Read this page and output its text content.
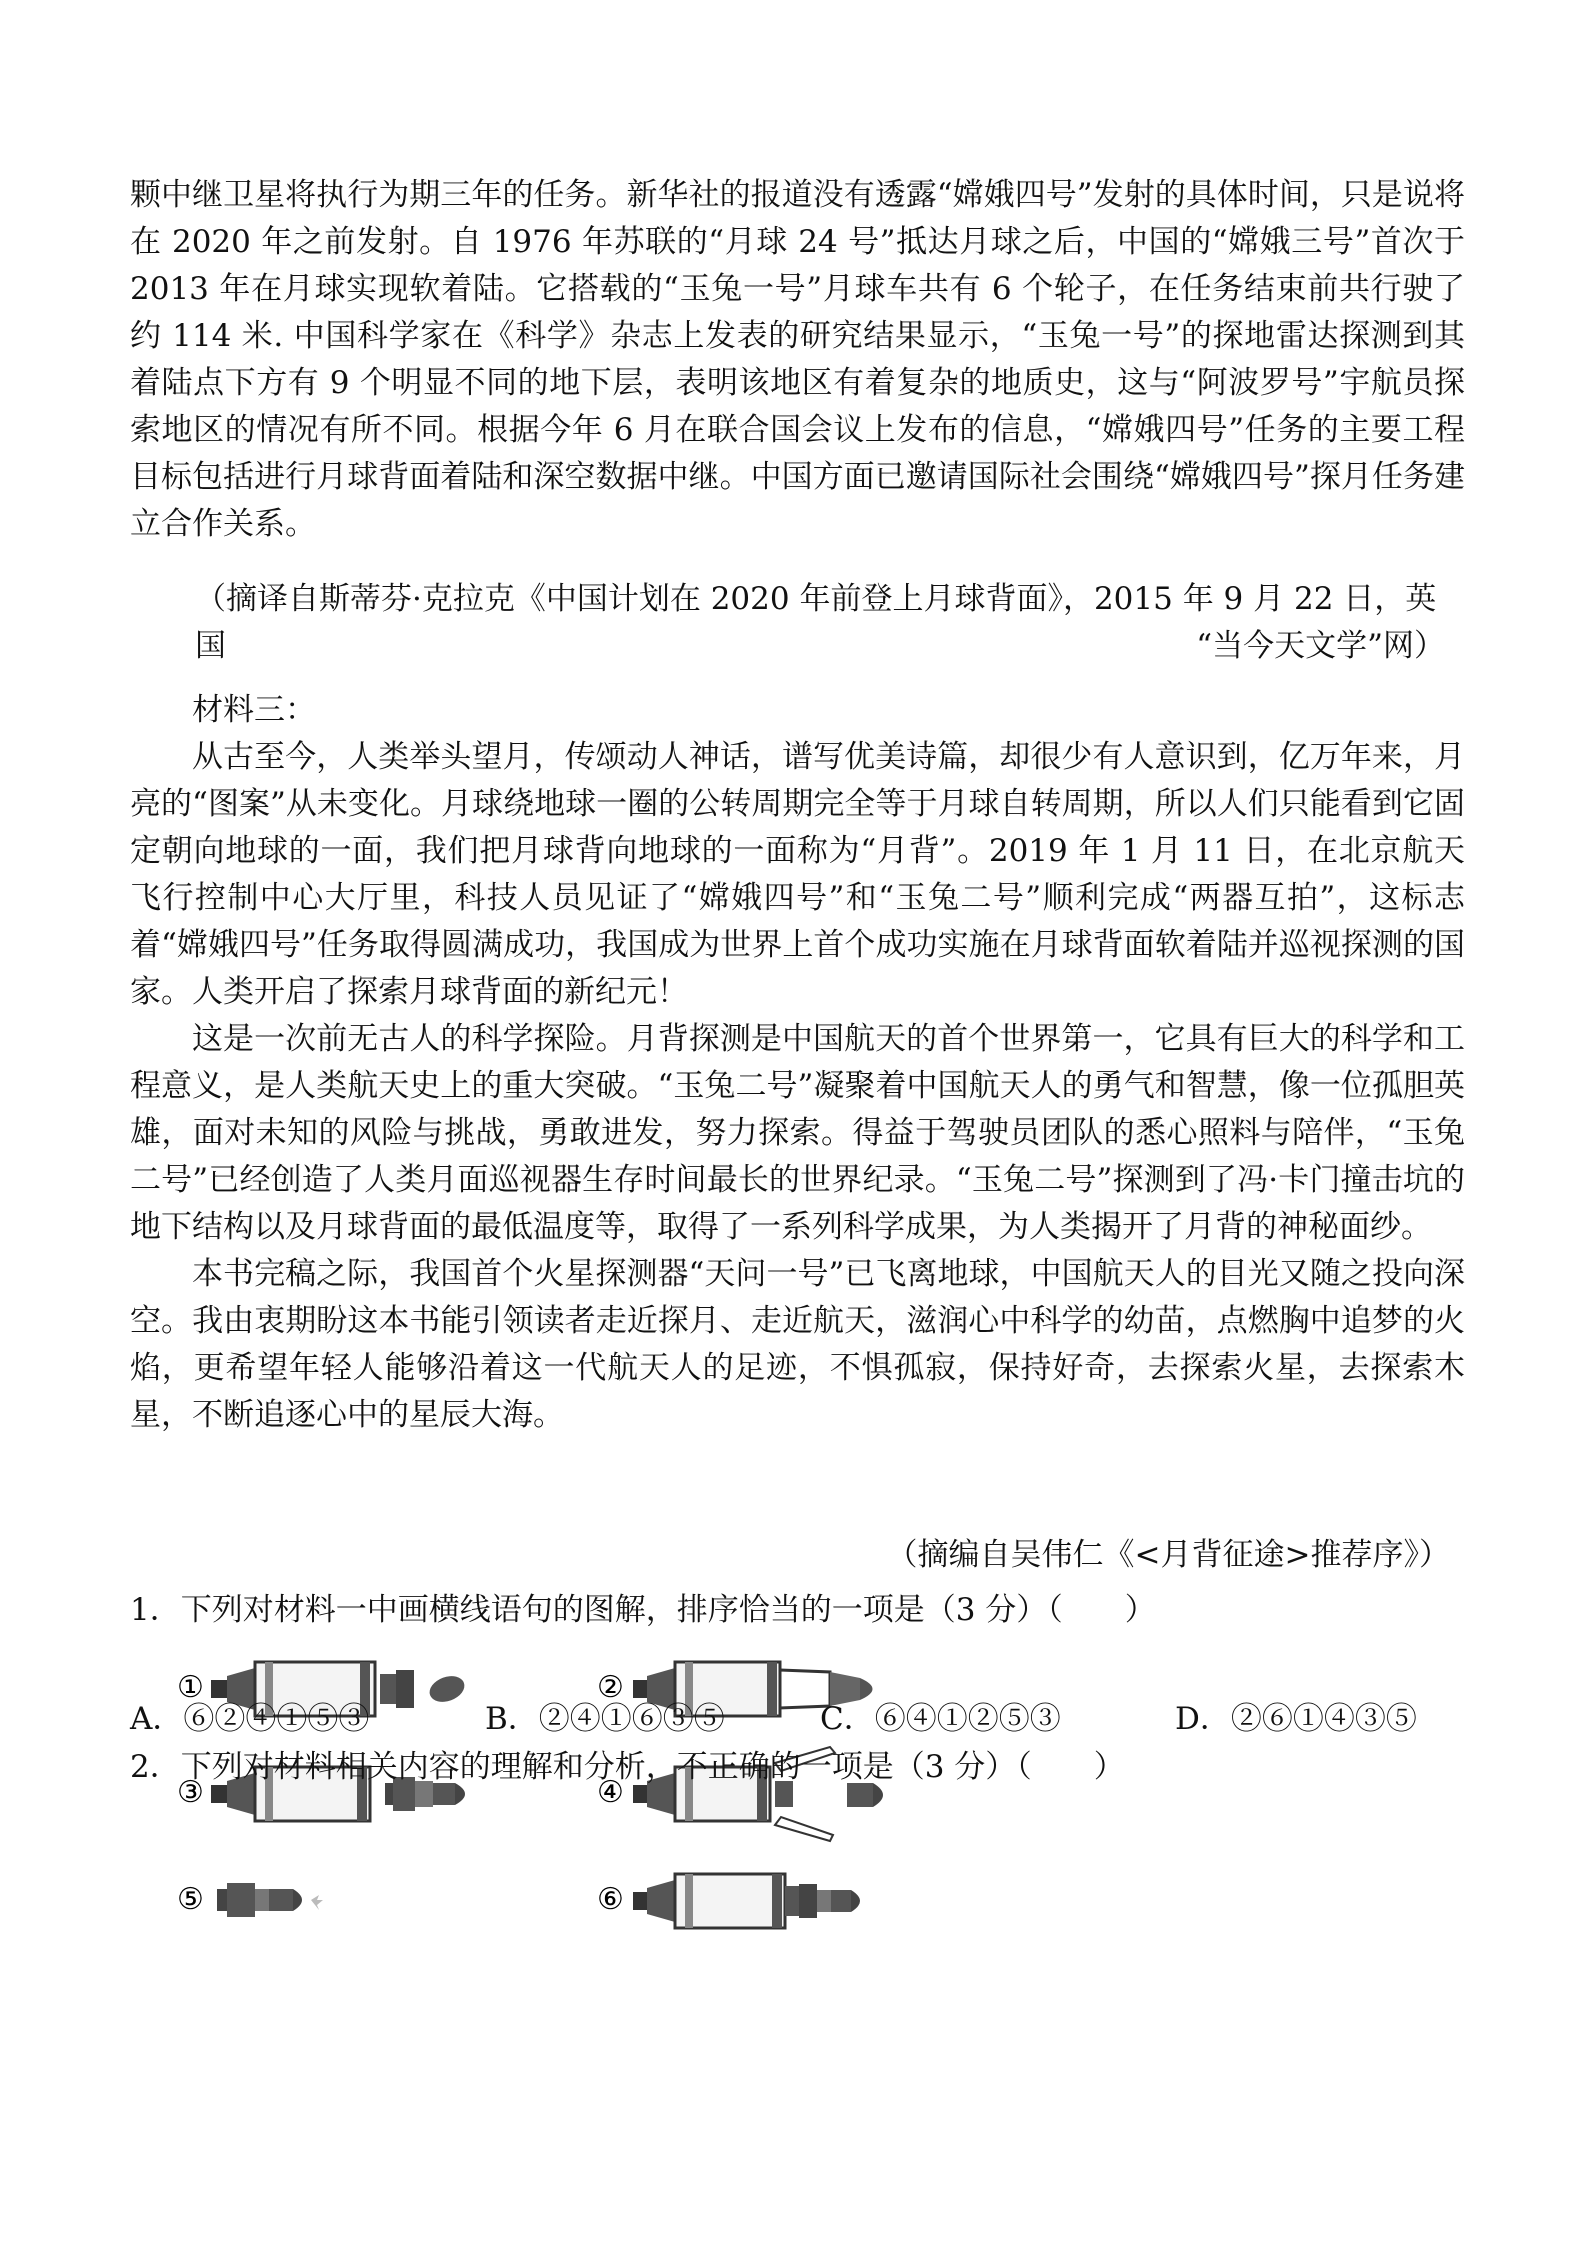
颗中继卫星将执行为期三年的任务。新华社的报道没有透露“嫦娥四号”发射的具体时间，只是说将在 2020 年之前发射。自 1976 年苏联的“月球 24 号”抵达月球之后，中国的“嫦娥三号”首次于 2013 年在月球实现软着陆。它搭载的“玉兔一号”月球车共有 6 个轮子，在任务结束前共行驶了约 114 米. 中国科学家在《科学》杂志上发表的研究结果显示，“玉兔一号”的探地雷达探测到其着陆点下方有 9 个明显不同的地下层，表明该地区有着复杂的地质史，这与“阿波罗号”宇航员探索地区的情况有所不同。根据今年 6 月在联合国会议上发布的信息，“嫦娥四号”任务的主要工程目标包括进行月球背面着陆和深空数据中继。中国方面已邀请国际社会围绕“嫦娥四号”探月任务建立合作关系。

（摘译自斯蒂芬·克拉克《中国计划在 2020 年前登上月球背面》，2015 年 9 月 22 日，英国	“当今天文学”网）

材料三：

从古至今，人类举头望月，传颂动人神话，谱写优美诗篇，却很少有人意识到，亿万年来，月亮的“图案”从未变化。月球绕地球一圈的公转周期完全等于月球自转周期，所以人们只能看到它固定朝向地球的一面，我们把月球背向地球的一面称为“月背”。2019 年 1 月 11 日，在北京航天飞行控制中心大厅里，科技人员见证了“嫦娥四号”和“玉兔二号”顺利完成“两器互拍”，这标志着“嫦娥四号”任务取得圆满成功，我国成为世界上首个成功实施在月球背面软着陆并巡视探测的国家。人类开启了探索月球背面的新纪元！

这是一次前无古人的科学探险。月背探测是中国航天的首个世界第一，它具有巨大的科学和工程意义，是人类航天史上的重大突破。“玉兔二号”凝聚着中国航天人的勇气和智慧，像一位孤胆英雄，面对未知的风险与挑战，勇敢进发，努力探索。得益于驾驶员团队的悉心照料与陪伴，“玉兔二号”已经创造了人类月面巡视器生存时间最长的世界纪录。“玉兔二号”探测到了冯·卡门撞击坑的地下结构以及月球背面的最低温度等，取得了一系列科学成果，为人类揭开了月背的神秘面纱。

本书完稿之际，我国首个火星探测器“天问一号”已飞离地球，中国航天人的目光又随之投向深空。我由衷期盼这本书能引领读者走近探月、走近航天，滋润心中科学的幼苗，点燃胸中追梦的火焰，更希望年轻人能够沿着这一代航天人的足迹，不惧孤寂，保持好奇，去探索火星，去探索木星，不断追逐心中的星辰大海。

（摘编自吴伟仁《<月背征途>推荐序》）

1．下列对材料一中画横线语句的图解，排序恰当的一项是（3 分）（　　）

①	②
③	④
⑤	⑥

A．⑥②④①⑤③	B．②④①⑥③⑤	C．⑥④①②⑤③	D．②⑥①④③⑤

2．下列对材料相关内容的理解和分析，不正确的一项是（3 分）（　　）
